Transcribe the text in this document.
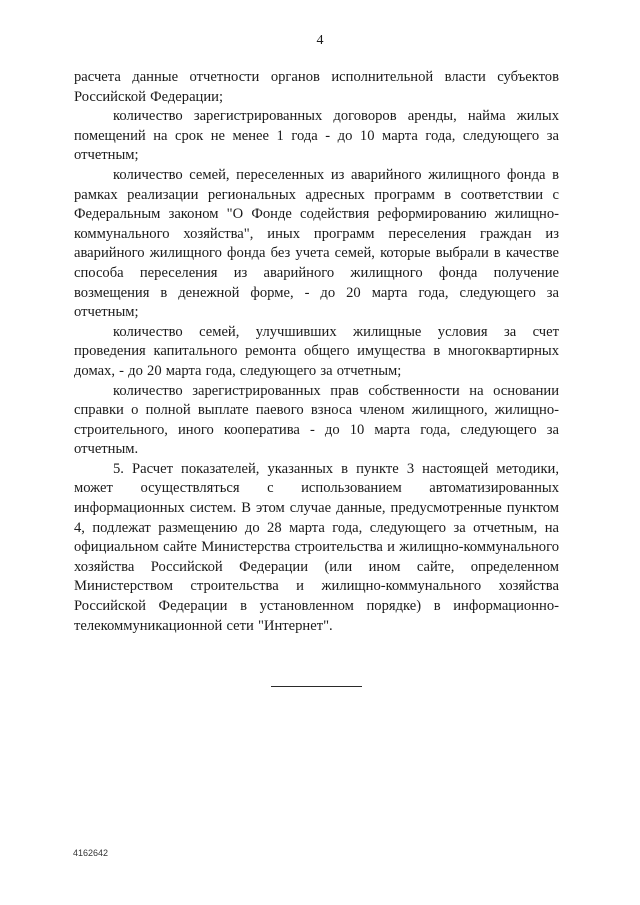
4

расчета данные отчетности органов исполнительной власти субъектов Российской Федерации;

количество зарегистрированных договоров аренды, найма жилых помещений на срок не менее 1 года - до 10 марта года, следующего за отчетным;

количество семей, переселенных из аварийного жилищного фонда в рамках реализации региональных адресных программ в соответствии с Федеральным законом "О Фонде содействия реформированию жилищно-коммунального хозяйства", иных программ переселения граждан из аварийного жилищного фонда без учета семей, которые выбрали в качестве способа переселения из аварийного жилищного фонда получение возмещения в денежной форме, - до 20 марта года, следующего за отчетным;

количество семей, улучшивших жилищные условия за счет проведения капитального ремонта общего имущества в многоквартирных домах, - до 20 марта года, следующего за отчетным;

количество зарегистрированных прав собственности на основании справки о полной выплате паевого взноса членом жилищного, жилищно-строительного, иного кооператива - до 10 марта года, следующего за отчетным.

5. Расчет показателей, указанных в пункте 3 настоящей методики, может осуществляться с использованием автоматизированных информационных систем. В этом случае данные, предусмотренные пунктом 4, подлежат размещению до 28 марта года, следующего за отчетным, на официальном сайте Министерства строительства и жилищно-коммунального хозяйства Российской Федерации (или ином сайте, определенном Министерством строительства и жилищно-коммунального хозяйства Российской Федерации в установленном порядке) в информационно-телекоммуникационной сети "Интернет".

4162642
